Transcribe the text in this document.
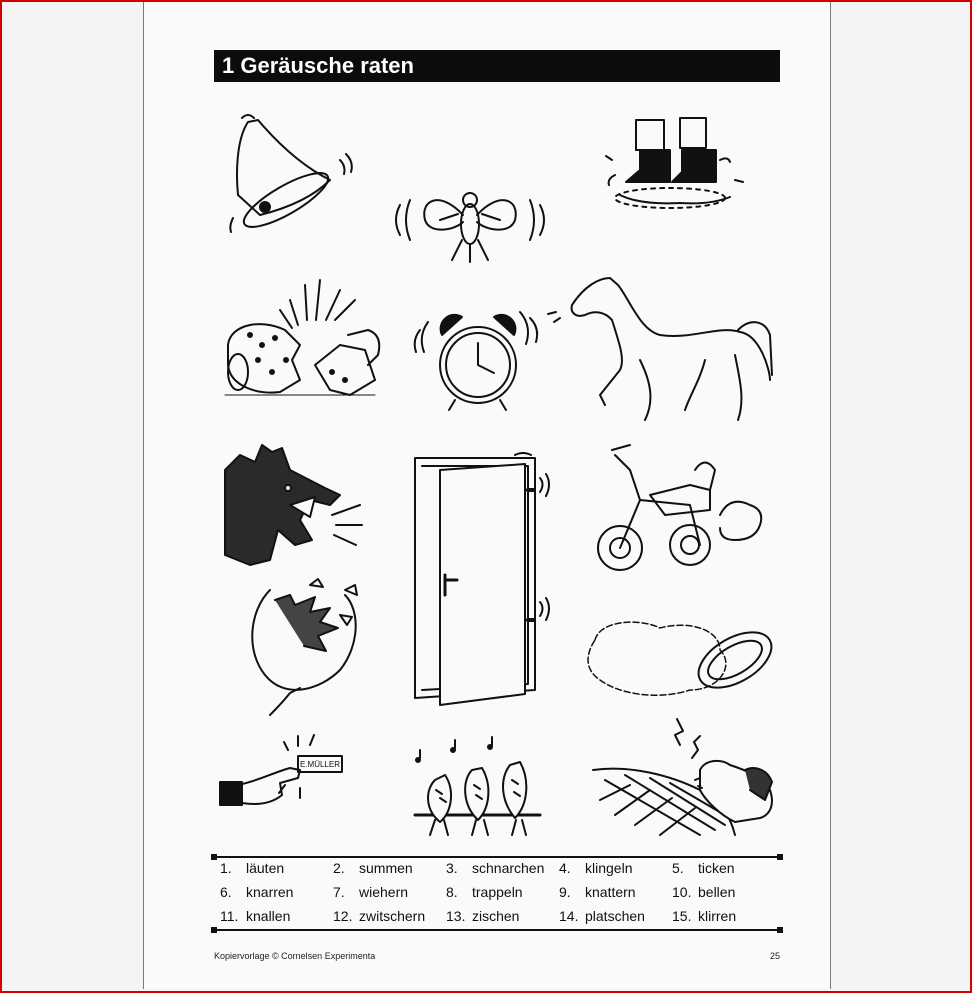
1 Geräusche raten
E.MÜLLER
1.	läuten	2.	summen 3.	schnarchen 4.	klingeln	5.	ticken
6.	knarren	7.	wiehern	8.	trappeln	9.	knattern	10. bellen
11. knallen	12. zwitschern 13. zischen	14. platschen 15. klirren
Kopiervorlage © Cornelsen Experimenta	25
